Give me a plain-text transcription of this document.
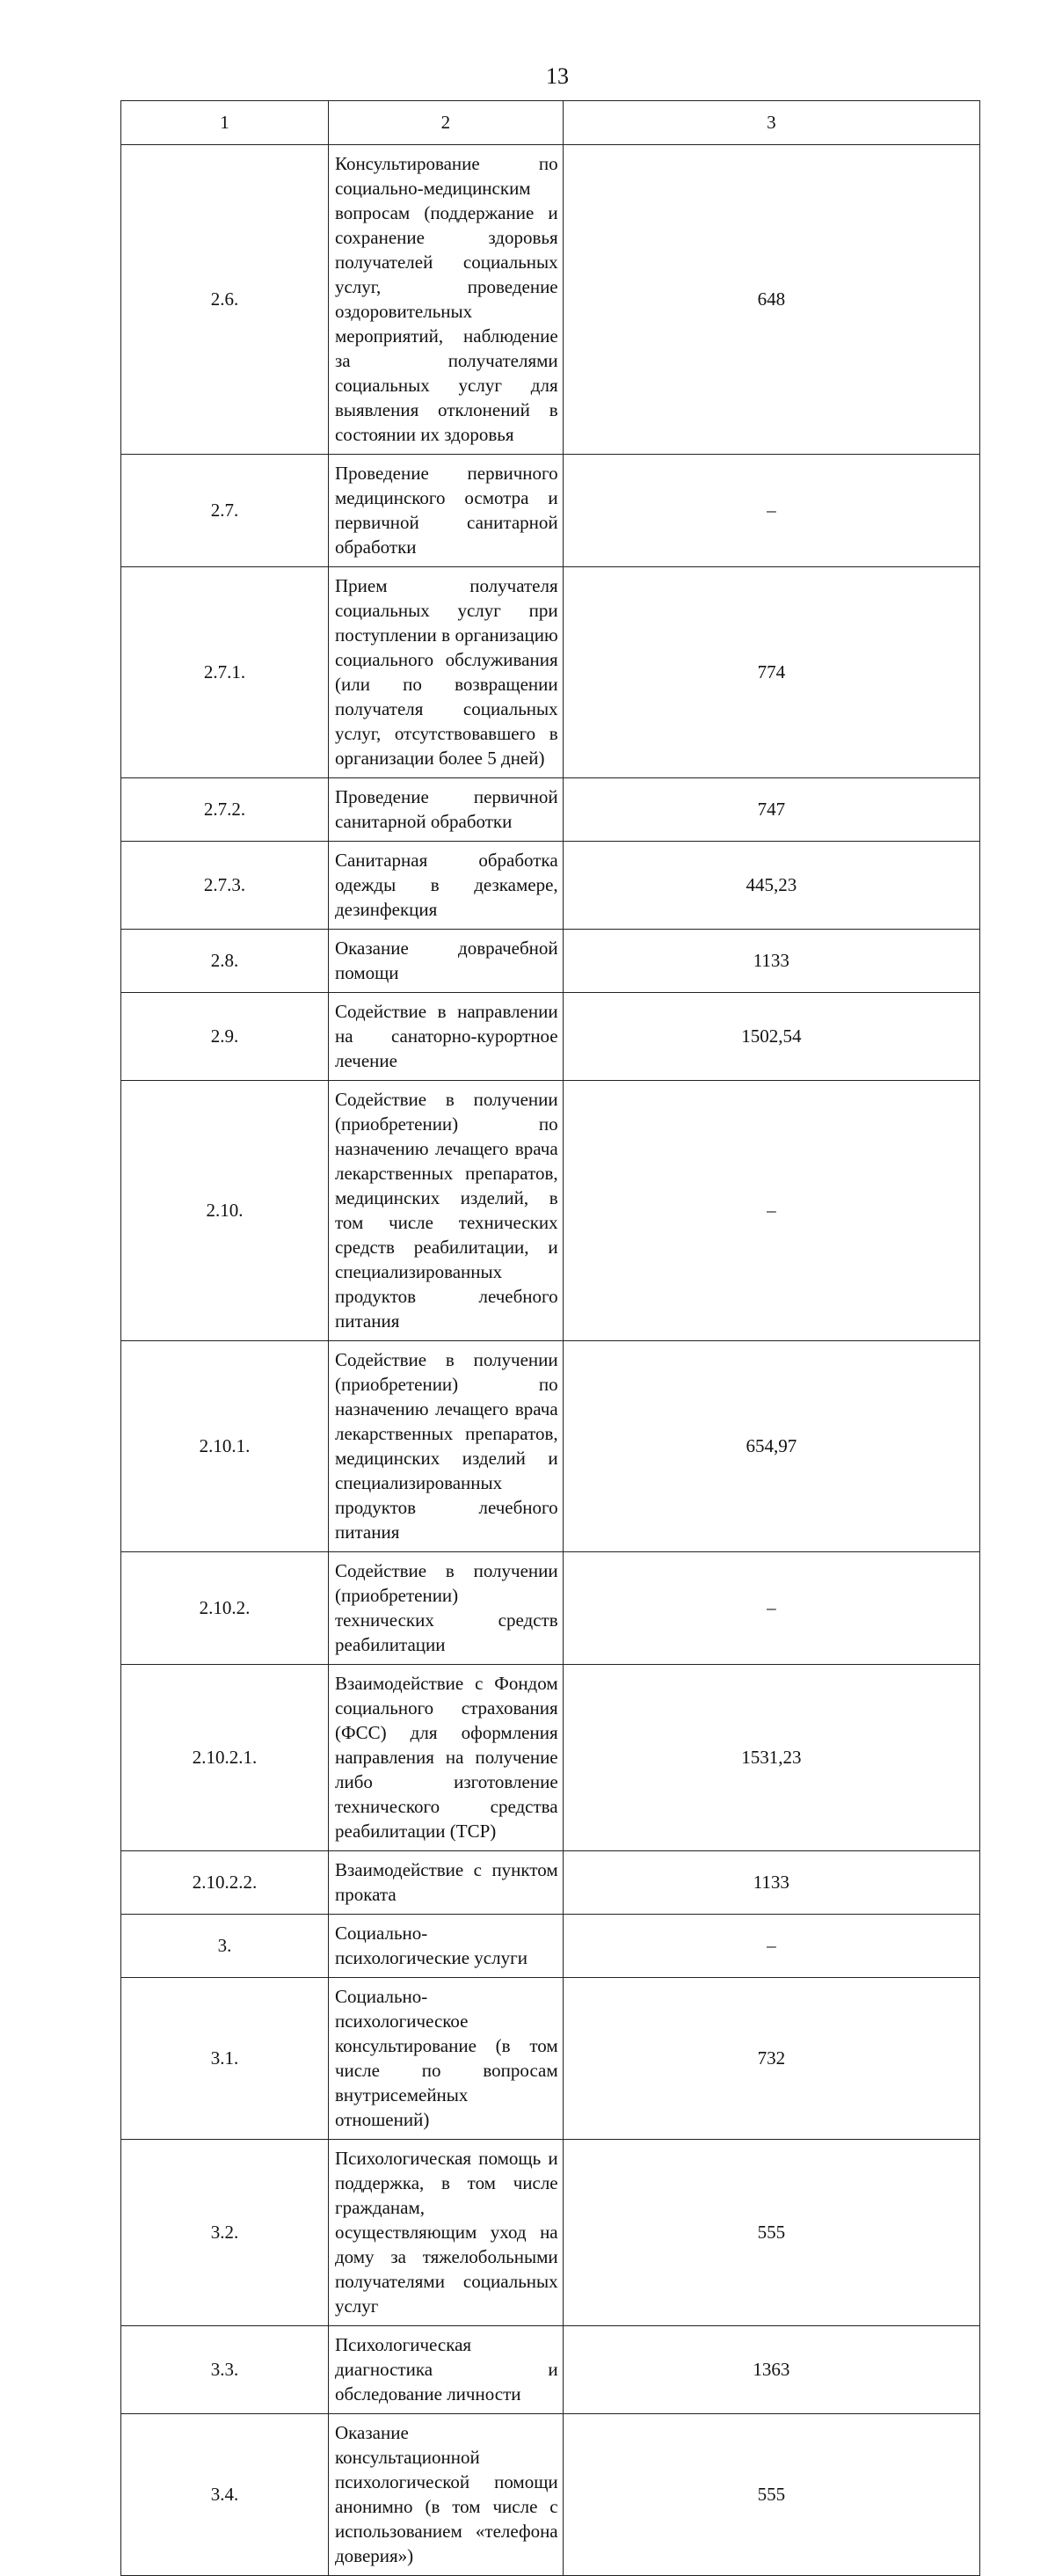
13
1	2	3
2.6.	Консультирование по социально-медицинским вопросам (поддержание и сохранение здоровья получателей социальных услуг, проведение оздоровительных мероприятий, наблюдение за получателями социальных услуг для выявления отклонений в состоянии их здоровья	648
2.7.	Проведение первичного медицинского осмотра и первичной санитарной обработки	–
2.7.1.	Прием получателя социальных услуг при поступлении в организацию социального обслуживания (или по возвращении получателя социальных услуг, отсутствовавшего в организации более 5 дней)	774
2.7.2.	Проведение первичной санитарной обработки	747
2.7.3.	Санитарная обработка одежды в дезкамере, дезинфекция	445,23
2.8.	Оказание доврачебной помощи	1133
2.9.	Содействие в направлении на санаторно-курортное лечение	1502,54
2.10.	Содействие в получении (приобретении) по назначению лечащего врача лекарственных препаратов, медицинских изделий, в том числе технических средств реабилитации, и специализированных продуктов лечебного питания	–
2.10.1.	Содействие в получении (приобретении) по назначению лечащего врача лекарственных препаратов, медицинских изделий и специализированных продуктов лечебного питания	654,97
2.10.2.	Содействие в получении (приобретении) технических средств реабилитации	–
2.10.2.1.	Взаимодействие с Фондом социального страхования (ФСС) для оформления направления на получение либо изготовление технического средства реабилитации (ТСР)	1531,23
2.10.2.2.	Взаимодействие с пунктом проката	1133
3.	Социально-психологические услуги	–
3.1.	Социально-психологическое консультирование (в том числе по вопросам внутрисемейных отношений)	732
3.2.	Психологическая помощь и поддержка, в том числе гражданам, осуществляющим уход на дому за тяжелобольными получателями социальных услуг	555
3.3.	Психологическая диагностика и обследование личности	1363
3.4.	Оказание консультационной психологической помощи анонимно (в том числе с использованием «телефона доверия»)	555
